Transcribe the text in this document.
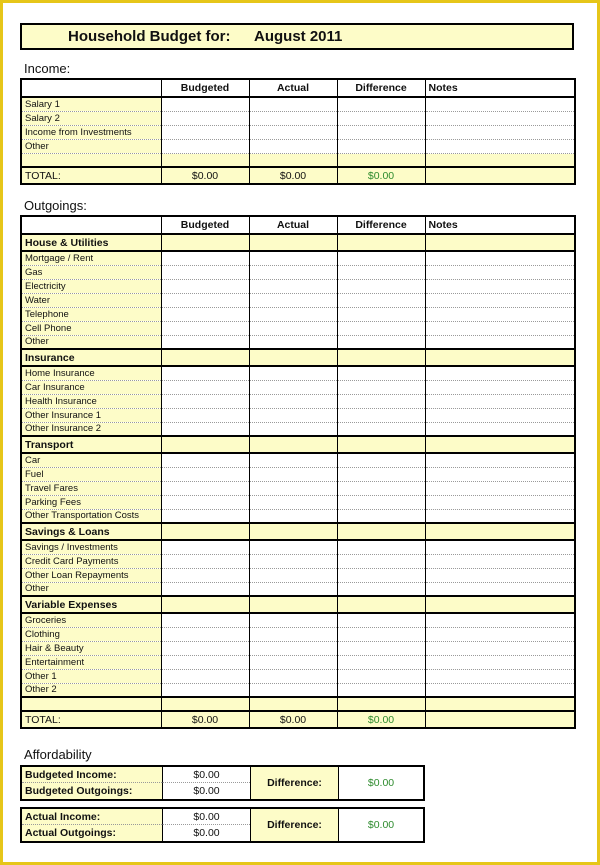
Household Budget for: August 2011
Income:
	Budgeted	Actual	Difference	Notes
Salary 1				
Salary 2				
Income from Investments				
Other				

TOTAL:	$0.00	$0.00	$0.00	
Outgoings:
	Budgeted	Actual	Difference	Notes
House & Utilities				
Mortgage / Rent				
Gas				
Electricity				
Water				
Telephone				
Cell Phone				
Other				
Insurance				
Home Insurance				
Car Insurance				
Health Insurance				
Other Insurance 1				
Other Insurance 2				
Transport				
Car				
Fuel				
Travel Fares				
Parking Fees				
Other Transportation Costs				
Savings & Loans				
Savings / Investments				
Credit Card Payments				
Other Loan Repayments				
Other				
Variable Expenses				
Groceries				
Clothing				
Hair & Beauty				
Entertainment				
Other 1				
Other 2				

TOTAL:	$0.00	$0.00	$0.00	
Affordability
Budgeted Income:	$0.00
Budgeted Outgoings:	$0.00
Difference:	$0.00
Actual Income:	$0.00
Actual Outgoings:	$0.00
Difference:	$0.00
